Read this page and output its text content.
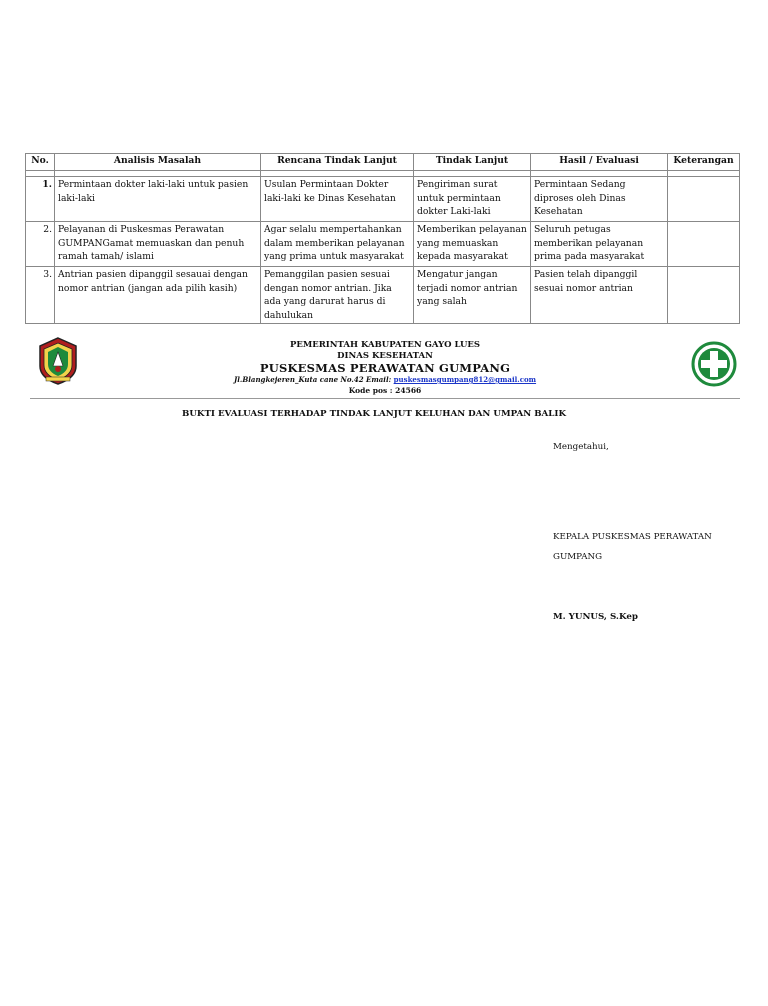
No.	Analisis Masalah	Rencana Tindak Lanjut	Tindak Lanjut	Hasil / Evaluasi	Keterangan

1.	Permintaan dokter laki-laki untuk pasien laki-laki	Usulan Permintaan Dokter laki-laki ke Dinas Kesehatan	Pengiriman surat untuk permintaan dokter Laki-laki	Permintaan Sedang diproses oleh Dinas Kesehatan	
2.	Pelayanan di Puskesmas Perawatan GUMPANGamat memuaskan dan penuh ramah tamah/ islami	Agar selalu mempertahankan dalam memberikan pelayanan yang prima untuk masyarakat	Memberikan pelayanan yang memuaskan kepada masyarakat	Seluruh petugas memberikan pelayanan prima pada masyarakat	
3.	Antrian pasien dipanggil sesauai dengan nomor antrian (jangan ada pilih kasih)	Pemanggilan pasien sesuai dengan nomor antrian. Jika ada yang darurat harus di dahulukan	Mengatur jangan terjadi nomor antrian yang salah	Pasien telah dipanggil sesuai nomor antrian	
PEMERINTAH KABUPATEN GAYO LUES
DINAS KESEHATAN
PUSKESMAS PERAWATAN GUMPANG
Jl.Blangkejeren_Kuta cane No.42 Email: puskesmasgumpang812@gmail.com
Kode pos : 24566
BUKTI EVALUASI TERHADAP TINDAK LANJUT KELUHAN DAN UMPAN BALIK
Mengetahui,
KEPALA PUSKESMAS PERAWATAN
GUMPANG
M. YUNUS, S.Kep
